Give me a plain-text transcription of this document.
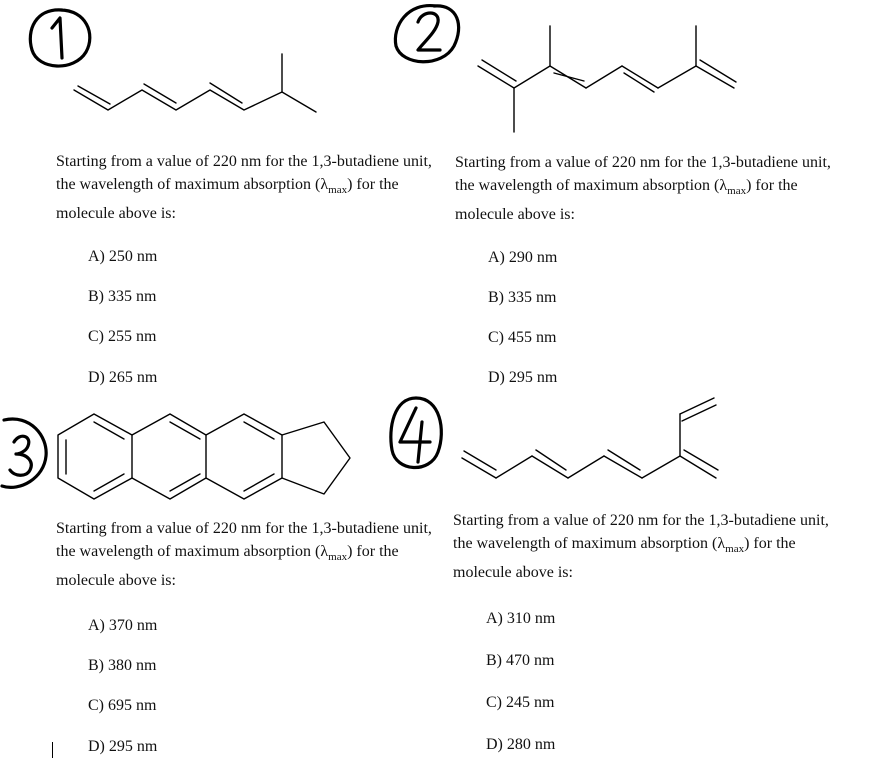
Starting from a value of 220 nm for the 1,3-butadiene unit, the wavelength of maximum absorption $(\lambda_{max})$ for the molecule above is:

A) 250 nm

B) 335 nm

C) 255 nm

D) 265 nm

Starting from a value of 220 nm for the 1,3-butadiene unit, the wavelength of maximum absorption $(\lambda_{max})$ for the molecule above is:

A) 290 nm

B) 335 nm

C) 455 nm

D) 295 nm

Starting from a value of 220 nm for the 1,3-butadiene unit, the wavelength of maximum absorption $(\lambda_{max})$ for the molecule above is:

A) 370 nm

B) 380 nm

C) 695 nm

D) 295 nm

Starting from a value of 220 nm for the 1,3-butadiene unit, the wavelength of maximum absorption $(\lambda_{max})$ for the molecule above is:

A) 310 nm

B) 470 nm

C) 245 nm

D) 280 nm
